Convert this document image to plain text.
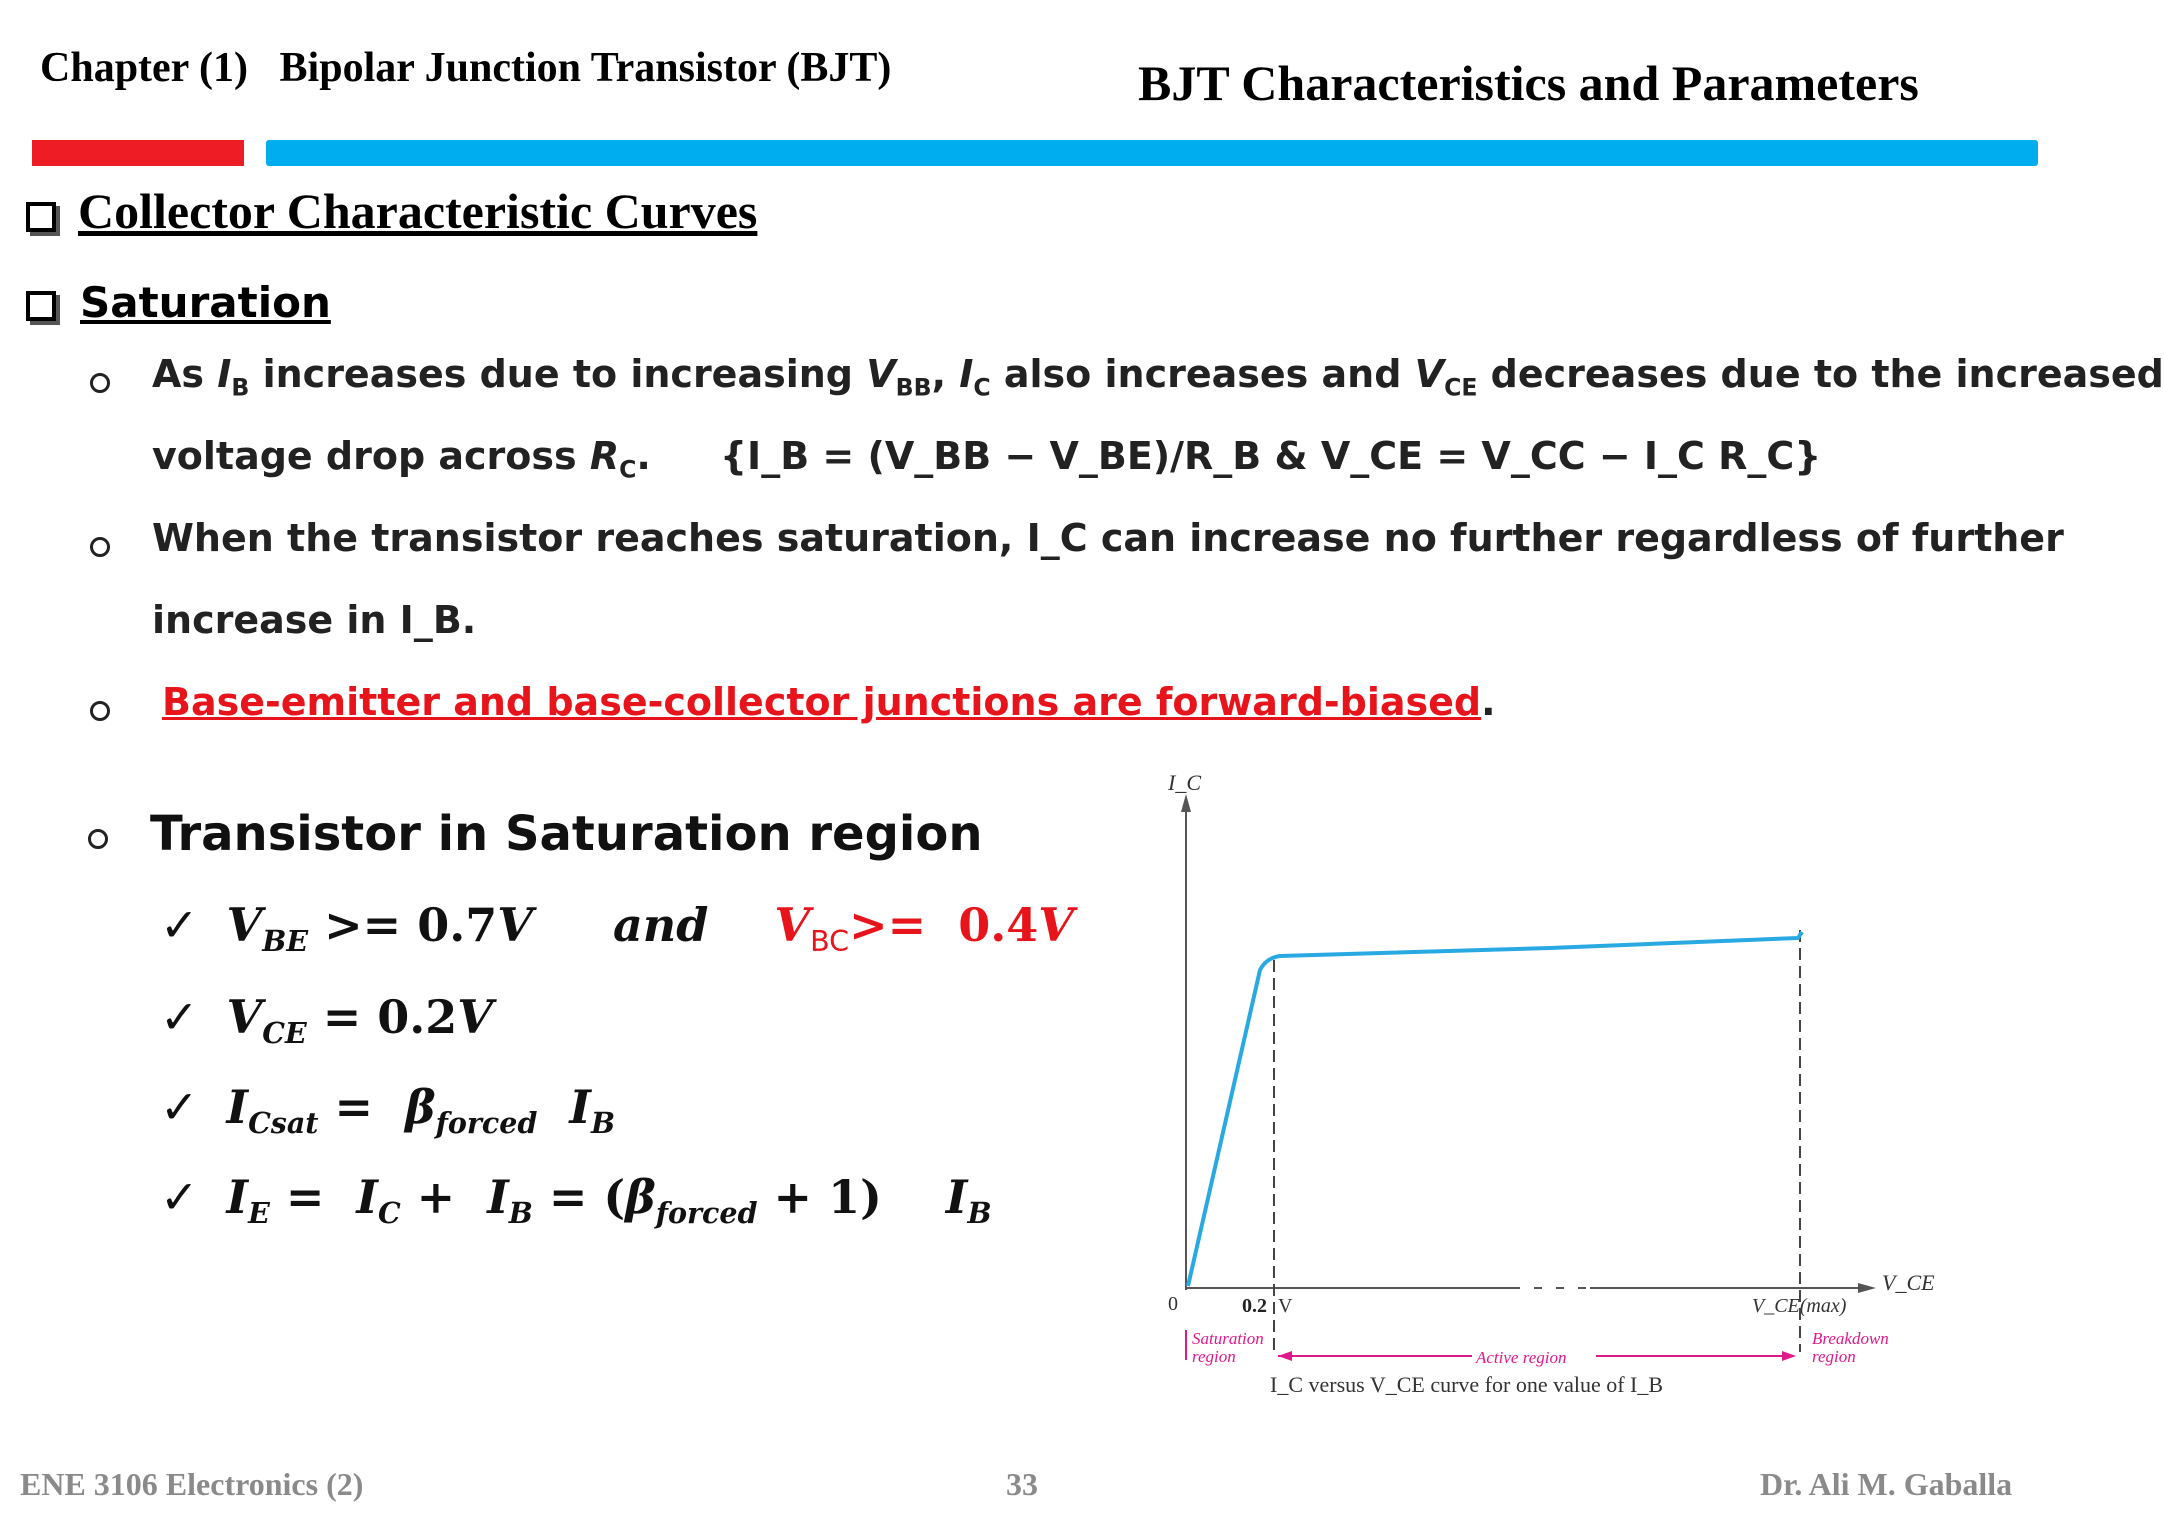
Chapter (1)   Bipolar Junction Transistor (BJT)	BJT Characteristics and Parameters
Collector Characteristic Curves
Saturation
As $I_B$ increases due to increasing $V_{BB}$, $I_C$ also increases and $V_{CE}$ decreases due to the increased
voltage drop across $R_C$. {I_B = (V_BB − V_BE)/R_B & V_CE = V_CC − I_C R_C}
When the transistor reaches saturation, I_C can increase no further regardless of further
increase in I_B.
Base-emitter and base-collector junctions are forward-biased.
Transistor in Saturation region
✓ $V_{BE} >= 0.7V$ and $V_{BC}>= 0.4V$
✓ $V_{CE} = 0.2V$
✓ $I_{Csat} = \beta_{forced}$  $I_B$
✓ $I_E = I_C + I_B = (\beta_{forced} + 1)$    $I_B$
I_C
V_CE
0	0.2 V	V_CE(max)
Saturation
region	Active region
Breakdown
region
I_C versus V_CE curve for one value of I_B
ENE 3106 Electronics (2)	33	Dr. Ali M. Gaballa
